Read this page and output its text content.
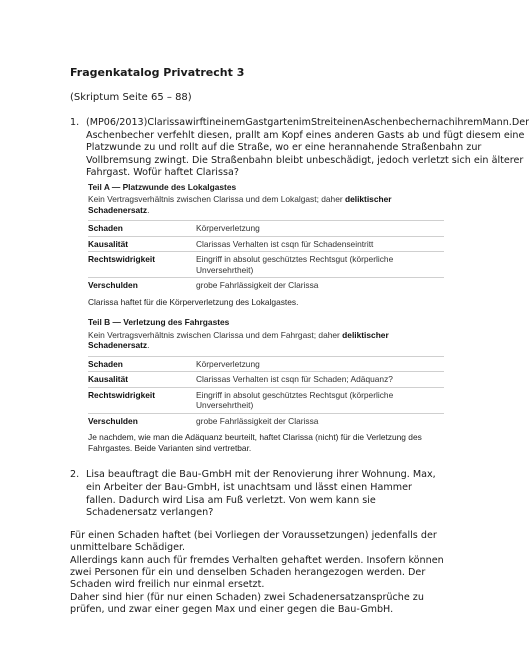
Fragenkatalog Privatrecht 3
(Skriptum Seite 65 – 88)
1. (MP06/2013)ClarissawirftineinemGastgartenimStreiteinenAschenbechernachihremMann.Der Aschenbecher verfehlt diesen, prallt am Kopf eines anderen Gasts ab und fügt diesem eine Platzwunde zu und rollt auf die Straße, wo er eine herannahende Straßenbahn zur Vollbremsung zwingt. Die Straßenbahn bleibt unbeschädigt, jedoch verletzt sich ein älterer Fahrgast. Wofür haftet Clarissa?
Teil A — Platzwunde des Lokalgastes
Kein Vertragsverhältnis zwischen Clarissa und dem Lokalgast; daher deliktischer Schadenersatz.
Schaden	Körperverletzung
Kausalität	Clarissas Verhalten ist csqn für Schadenseintritt
Rechtswidrigkeit	Eingriff in absolut geschütztes Rechtsgut (körperliche Unversehrtheit)
Verschulden	grobe Fahrlässigkeit der Clarissa
Clarissa haftet für die Körperverletzung des Lokalgastes.
Teil B — Verletzung des Fahrgastes
Kein Vertragsverhältnis zwischen Clarissa und dem Fahrgast; daher deliktischer Schadenersatz.
Schaden	Körperverletzung
Kausalität	Clarissas Verhalten ist csqn für Schaden; Adäquanz?
Rechtswidrigkeit	Eingriff in absolut geschütztes Rechtsgut (körperliche Unversehrtheit)
Verschulden	grobe Fahrlässigkeit der Clarissa
Je nachdem, wie man die Adäquanz beurteilt, haftet Clarissa (nicht) für die Verletzung des Fahrgastes. Beide Varianten sind vertretbar.
2. Lisa beauftragt die Bau-GmbH mit der Renovierung ihrer Wohnung. Max, ein Arbeiter der Bau-GmbH, ist unachtsam und lässt einen Hammer fallen. Dadurch wird Lisa am Fuß verletzt. Von wem kann sie Schadenersatz verlangen?
Für einen Schaden haftet (bei Vorliegen der Voraussetzungen) jedenfalls der unmittelbare Schädiger.
Allerdings kann auch für fremdes Verhalten gehaftet werden. Insofern können zwei Personen für ein und denselben Schaden herangezogen werden. Der Schaden wird freilich nur einmal ersetzt.
Daher sind hier (für nur einen Schaden) zwei Schadenersatzansprüche zu prüfen, und zwar einer gegen Max und einer gegen die Bau-GmbH.
